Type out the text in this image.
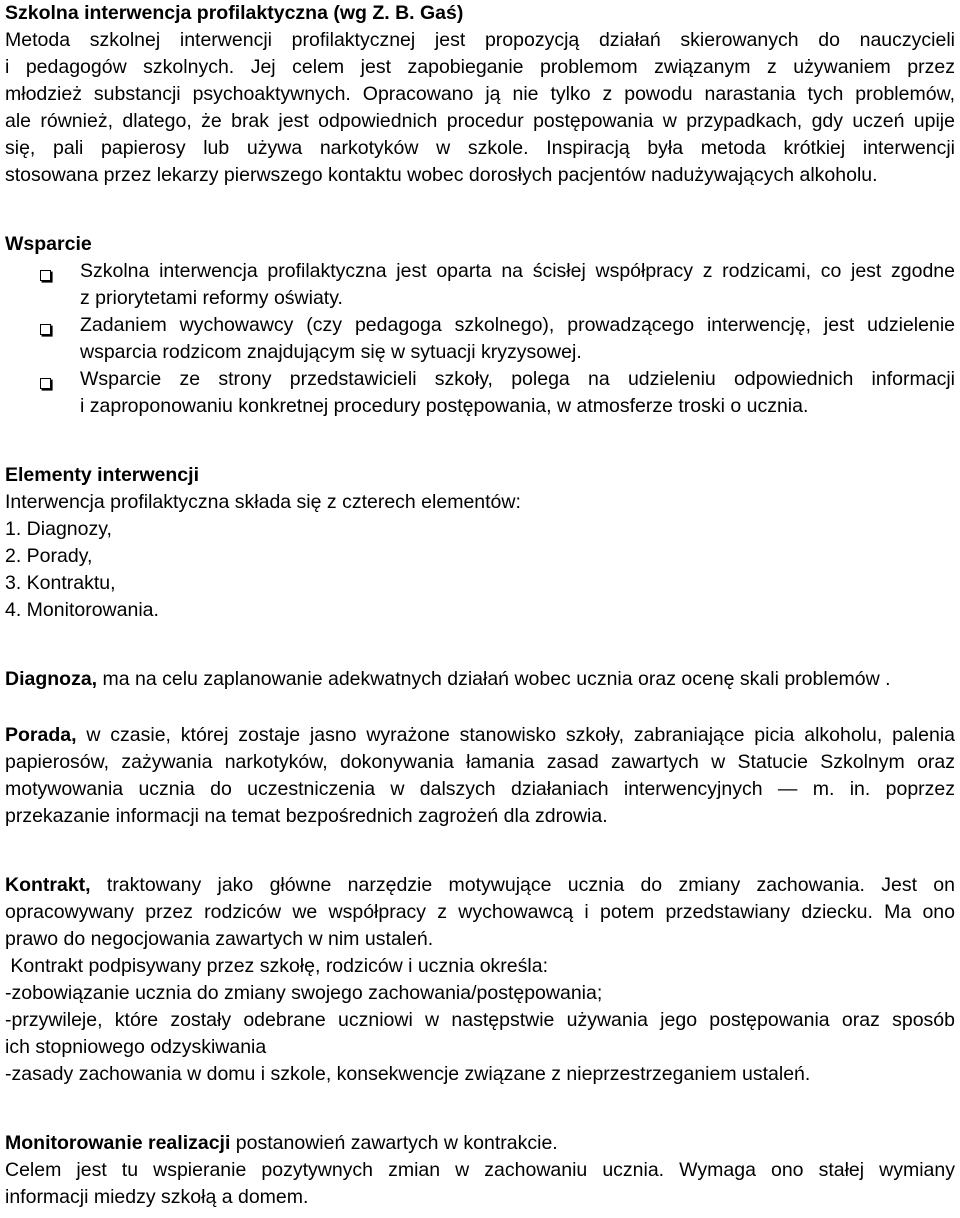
Szkolna interwencja profilaktyczna (wg Z. B. Gaś)
Metoda szkolnej interwencji profilaktycznej jest propozycją działań skierowanych do nauczycieli
i pedagogów szkolnych. Jej celem jest zapobieganie problemom związanym z używaniem przez
młodzież substancji psychoaktywnych. Opracowano ją nie tylko z powodu narastania tych problemów,
ale również, dlatego, że brak jest odpowiednich procedur postępowania w przypadkach, gdy uczeń upije
się, pali papierosy lub używa narkotyków w szkole. Inspiracją była metoda krótkiej interwencji
stosowana przez lekarzy pierwszego kontaktu wobec dorosłych pacjentów nadużywających alkoholu.
Wsparcie
Szkolna interwencja profilaktyczna jest oparta na ścisłej współpracy z rodzicami, co jest zgodne
z priorytetami reformy oświaty.
Zadaniem wychowawcy (czy pedagoga szkolnego), prowadzącego interwencję, jest udzielenie
wsparcia rodzicom znajdującym się w sytuacji kryzysowej.
Wsparcie ze strony przedstawicieli szkoły, polega na udzieleniu odpowiednich informacji
i zaproponowaniu konkretnej procedury postępowania, w atmosferze troski o ucznia.
Elementy interwencji
Interwencja profilaktyczna składa się z czterech elementów:
1. Diagnozy,
2. Porady,
3. Kontraktu,
4. Monitorowania.
Diagnoza, ma na celu zaplanowanie adekwatnych działań wobec ucznia oraz ocenę skali problemów .
Porada, w czasie, której zostaje jasno wyrażone stanowisko szkoły, zabraniające picia alkoholu, palenia
papierosów, zażywania narkotyków, dokonywania łamania zasad zawartych w Statucie Szkolnym oraz
motywowania ucznia do uczestniczenia w dalszych działaniach interwencyjnych — m. in. poprzez
przekazanie informacji na temat bezpośrednich zagrożeń dla zdrowia.
Kontrakt, traktowany jako główne narzędzie motywujące ucznia do zmiany zachowania. Jest on
opracowywany przez rodziców we współpracy z wychowawcą i potem przedstawiany dziecku. Ma ono
prawo do negocjowania zawartych w nim ustaleń.
Kontrakt podpisywany przez szkołę, rodziców i ucznia określa:
-zobowiązanie ucznia do zmiany swojego zachowania/postępowania;
-przywileje, które zostały odebrane uczniowi w następstwie używania jego postępowania oraz sposób
ich stopniowego odzyskiwania
-zasady zachowania w domu i szkole, konsekwencje związane z nieprzestrzeganiem ustaleń.
Monitorowanie realizacji postanowień zawartych w kontrakcie.
Celem jest tu wspieranie pozytywnych zmian w zachowaniu ucznia. Wymaga ono stałej wymiany
informacji miedzy szkołą a domem.
